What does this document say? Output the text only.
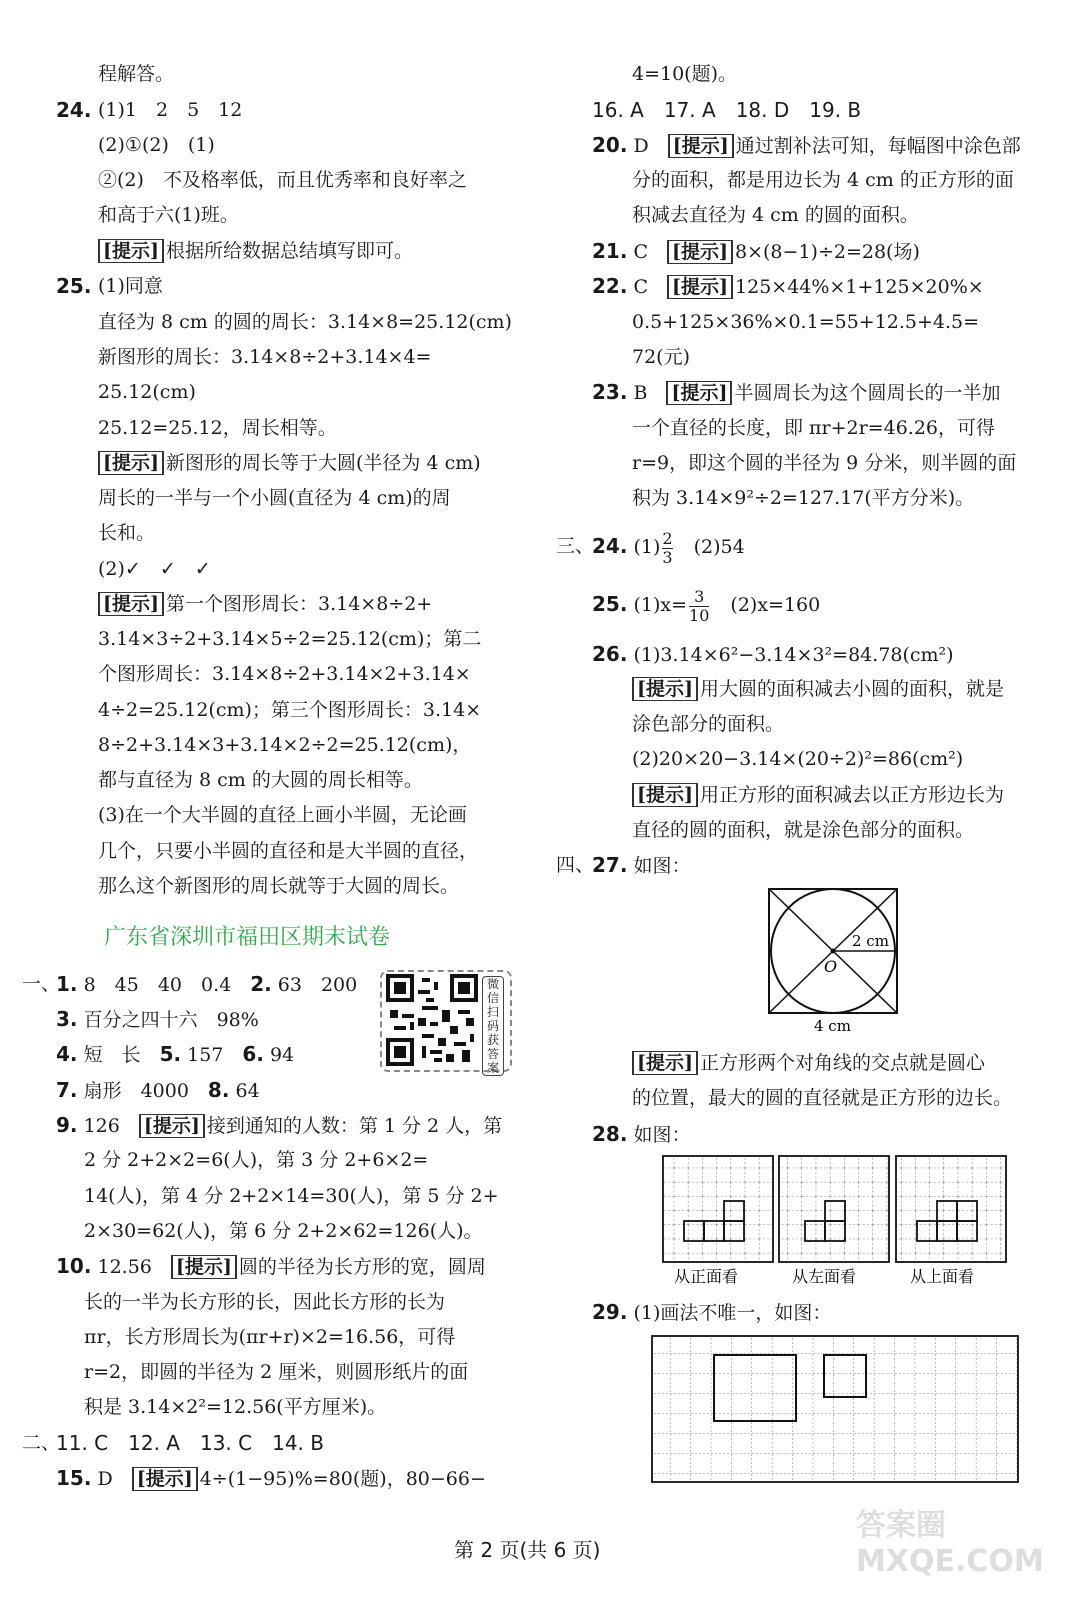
程解答。
24. (1)1　2　5　12
(2)①(2)　(1)
②(2)　不及格率低，而且优秀率和良好率之
和高于六(1)班。
[提示] 根据所给数据总结填写即可。
25. (1)同意
直径为 8 cm 的圆的周长：3.14×8=25.12(cm)
新图形的周长：3.14×8÷2+3.14×4=
25.12(cm)
25.12=25.12，周长相等。
[提示] 新图形的周长等于大圆(半径为 4 cm)
周长的一半与一个小圆(直径为 4 cm)的周
长和。
(2)✓　✓　✓
[提示] 第一个图形周长：3.14×8÷2+
3.14×3÷2+3.14×5÷2=25.12(cm)；第二
个图形周长：3.14×8÷2+3.14×2+3.14×
4÷2=25.12(cm)；第三个图形周长：3.14×
8÷2+3.14×3+3.14×2÷2=25.12(cm)，
都与直径为 8 cm 的大圆的周长相等。
(3)在一个大半圆的直径上画小半圆，无论画
几个，只要小半圆的直径和是大半圆的直径，
那么这个新图形的周长就等于大圆的周长。
广东省深圳市福田区期末试卷
微信扫码获答案
一、
1. 8　45　40　0.4　2. 63　200
3. 百分之四十六　98%
4. 短　长　5. 157　6. 94
7. 扇形　4000　8. 64
9. 126　[提示] 接到通知的人数：第 1 分 2 人，第
2 分 2+2×2=6(人)，第 3 分 2+6×2=
14(人)，第 4 分 2+2×14=30(人)，第 5 分 2+
2×30=62(人)，第 6 分 2+2×62=126(人)。
10. 12.56　[提示] 圆的半径为长方形的宽，圆周
长的一半为长方形的长，因此长方形的长为
πr，长方形周长为(πr+r)×2=16.56，可得
r=2，即圆的半径为 2 厘米，则圆形纸片的面
积是 3.14×2²=12.56(平方厘米)。
二、
11. C　12. A　13. C　14. B
15. D　[提示] 4÷(1−95)%=80(题)，80−66−
4=10(题)。
16. A　17. A　18. D　19. B
20. D　[提示] 通过割补法可知，每幅图中涂色部
分的面积，都是用边长为 4 cm 的正方形的面
积减去直径为 4 cm 的圆的面积。
21. C　[提示] 8×(8−1)÷2=28(场)
22. C　[提示] 125×44%×1+125×20%×
0.5+125×36%×0.1=55+12.5+4.5=
72(元)
23. B　[提示] 半圆周长为这个圆周长的一半加
一个直径的长度，即 πr+2r=46.26，可得
r=9，即这个圆的半径为 9 分米，则半圆的面
积为 3.14×9²÷2=127.17(平方分米)。
三、
24. $(1) \frac{2}{3}$ 　(2)54
25. $(1)x= \frac{3}{10}$ 　(2)x=160
26. (1)3.14×6²−3.14×3²=84.78(cm²)
[提示] 用大圆的面积减去小圆的面积，就是
涂色部分的面积。
(2)20×20−3.14×(20÷2)²=86(cm²)
[提示] 用正方形的面积减去以正方形边长为
直径的圆的面积，就是涂色部分的面积。
四、
27. 如图：
2 cm
O
4 cm
[提示] 正方形两个对角线的交点就是圆心
的位置，最大的圆的直径就是正方形的边长。
28. 如图：
从正面看	从左面看	从上面看
29. (1)画法不唯一，如图：
第 2 页(共 6 页)
答案圈 MXQE.COM
